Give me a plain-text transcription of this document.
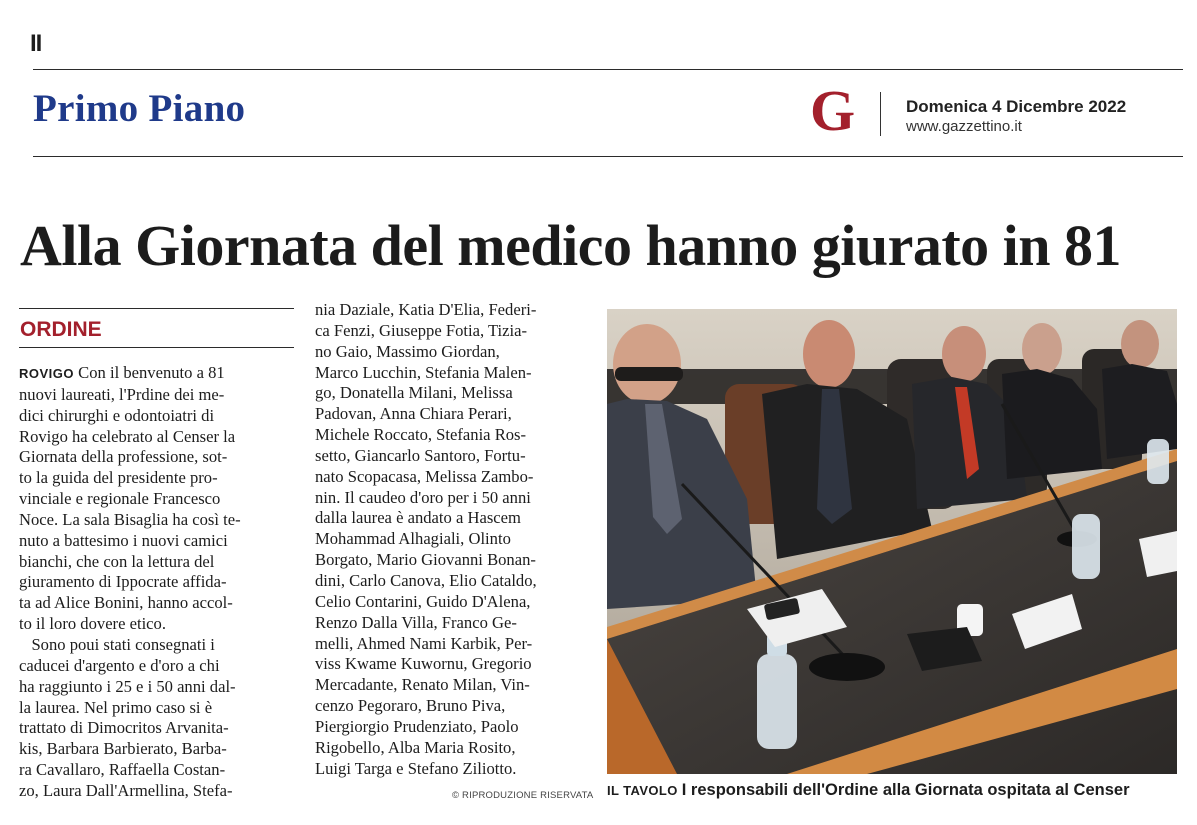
II
Primo Piano	G	Domenica 4 Dicembre 2022
www.gazzettino.it
Alla Giornata del medico hanno giurato in 81
ORDINE

ROVIGO Con il benvenuto a 81

nuovi laureati, l'Prdine dei me-

dici chirurghi e odontoiatri di

Rovigo ha celebrato al Censer la

Giornata della professione, sot-

to la guida del presidente pro-

vinciale e regionale Francesco

Noce. La sala Bisaglia ha così te-

nuto a battesimo i nuovi camici

bianchi, che con la lettura del

giuramento di Ippocrate affida-

ta ad Alice Bonini, hanno accol-

to il loro dovere etico.

Sono poui stati consegnati i

caducei d'argento e d'oro a chi

ha raggiunto i 25 e i 50 anni dal-

la laurea. Nel primo caso si è

trattato di Dimocritos Arvanita-

kis, Barbara Barbierato, Barba-

ra Cavallaro, Raffaella Costan-

zo, Laura Dall'Armellina, Stefa-

nia Daziale, Katia D'Elia, Federi-

ca Fenzi, Giuseppe Fotia, Tizia-

no Gaio, Massimo Giordan,

Marco Lucchin, Stefania Malen-

go, Donatella Milani, Melissa

Padovan, Anna Chiara Perari,

Michele Roccato, Stefania Ros-

setto, Giancarlo Santoro, Fortu-

nato Scopacasa, Melissa Zambo-

nin. Il caudeo d'oro per i 50 anni

dalla laurea è andato a Hascem

Mohammad Alhagiali, Olinto

Borgato, Mario Giovanni Bonan-

dini, Carlo Canova, Elio Cataldo,

Celio Contarini, Guido D'Alena,

Renzo Dalla Villa, Franco Ge-

melli, Ahmed Nami Karbik, Per-

viss Kwame Kuwornu, Gregorio

Mercadante, Renato Milan, Vin-

cenzo Pegoraro, Bruno Piva,

Piergiorgio Prudenziato, Paolo

Rigobello, Alba Maria Rosito,

Luigi Targa e Stefano Ziliotto.

© RIPRODUZIONE RISERVATA IL TAVOLO I responsabili dell'Ordine alla Giornata ospitata al Censer
